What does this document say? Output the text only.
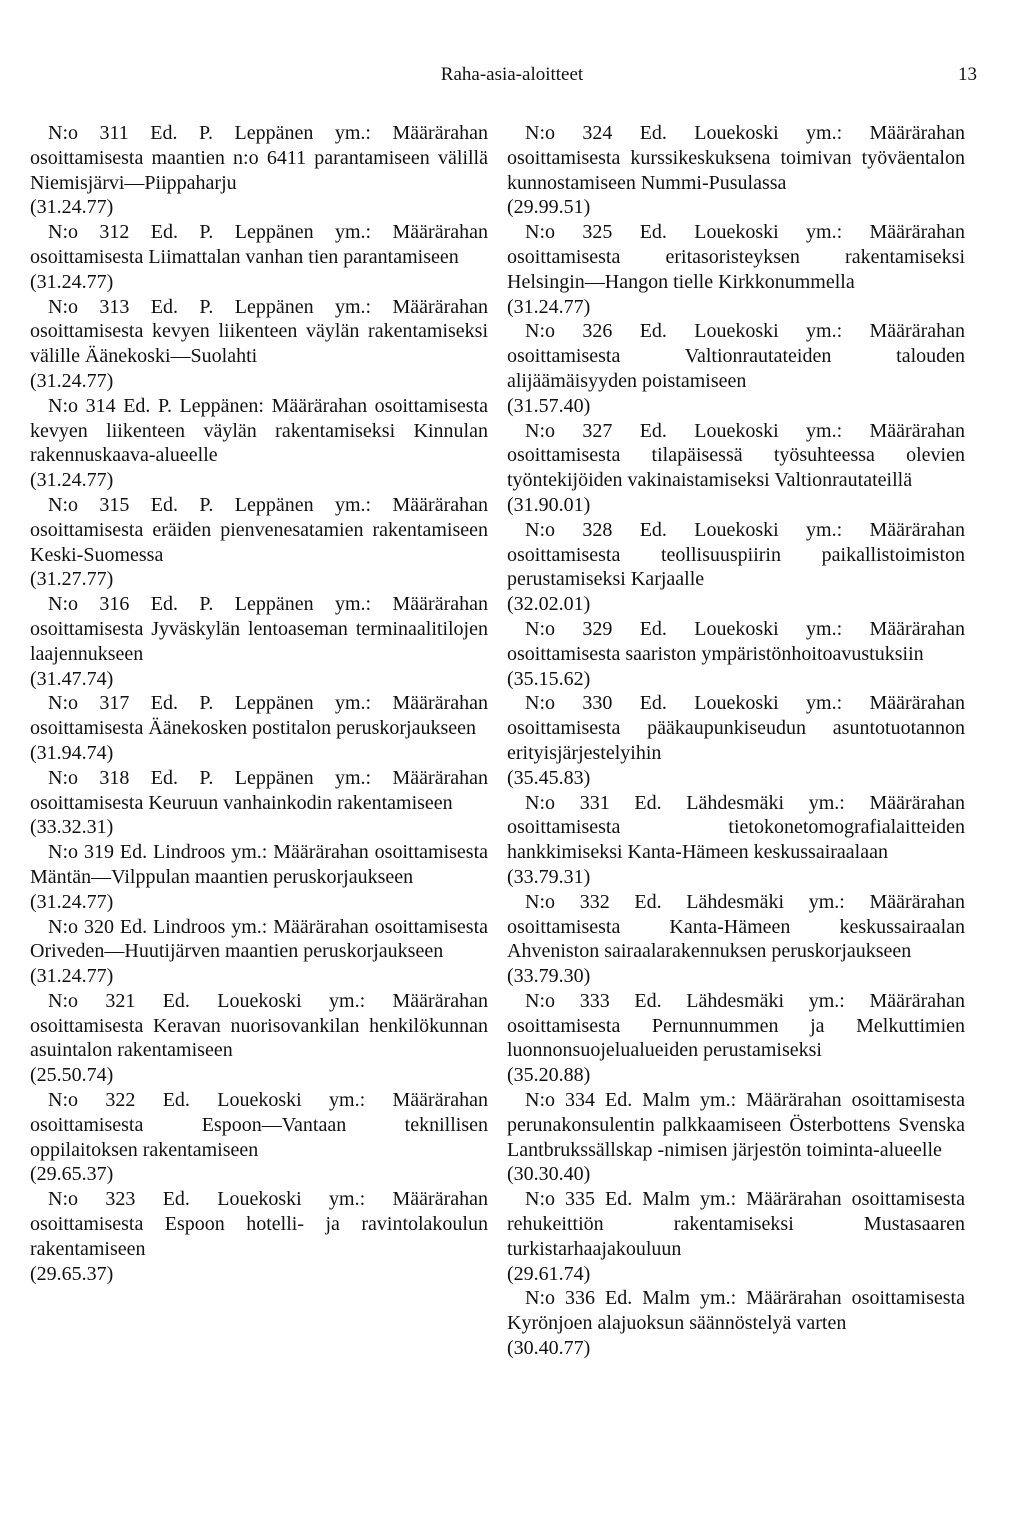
Raha-asia-aloitteet	13
N:o 311 Ed. P. Leppänen ym.: Määrärahan osoittamisesta maantien n:o 6411 parantamiseen välillä Niemisjärvi—Piippaharju
(31.24.77)
N:o 312 Ed. P. Leppänen ym.: Määrärahan osoittamisesta Liimattalan vanhan tien parantamiseen
(31.24.77)
N:o 313 Ed. P. Leppänen ym.: Määrärahan osoittamisesta kevyen liikenteen väylän rakentamiseksi välille Äänekoski—Suolahti
(31.24.77)
N:o 314 Ed. P. Leppänen: Määrärahan osoittamisesta kevyen liikenteen väylän rakentamiseksi Kinnulan rakennuskaava-alueelle
(31.24.77)
N:o 315 Ed. P. Leppänen ym.: Määrärahan osoittamisesta eräiden pienvenesatamien rakentamiseen Keski-Suomessa
(31.27.77)
N:o 316 Ed. P. Leppänen ym.: Määrärahan osoittamisesta Jyväskylän lentoaseman terminaalitilojen laajennukseen
(31.47.74)
N:o 317 Ed. P. Leppänen ym.: Määrärahan osoittamisesta Äänekosken postitalon peruskorjaukseen
(31.94.74)
N:o 318 Ed. P. Leppänen ym.: Määrärahan osoittamisesta Keuruun vanhainkodin rakentamiseen
(33.32.31)
N:o 319 Ed. Lindroos ym.: Määrärahan osoittamisesta Mäntän—Vilppulan maantien peruskorjaukseen
(31.24.77)
N:o 320 Ed. Lindroos ym.: Määrärahan osoittamisesta Oriveden—Huutijärven maantien peruskorjaukseen
(31.24.77)
N:o 321 Ed. Louekoski ym.: Määrärahan osoittamisesta Keravan nuorisovankilan henkilökunnan asuintalon rakentamiseen
(25.50.74)
N:o 322 Ed. Louekoski ym.: Määrärahan osoittamisesta Espoon—Vantaan teknillisen oppilaitoksen rakentamiseen
(29.65.37)
N:o 323 Ed. Louekoski ym.: Määrärahan osoittamisesta Espoon hotelli- ja ravintolakoulun rakentamiseen
(29.65.37)
N:o 324 Ed. Louekoski ym.: Määrärahan osoittamisesta kurssikeskuksena toimivan työväentalon kunnostamiseen Nummi-Pusulassa
(29.99.51)
N:o 325 Ed. Louekoski ym.: Määrärahan osoittamisesta eritasoristeyksen rakentamiseksi Helsingin—Hangon tielle Kirkkonummella
(31.24.77)
N:o 326 Ed. Louekoski ym.: Määrärahan osoittamisesta Valtionrautateiden talouden alijäämäisyyden poistamiseen
(31.57.40)
N:o 327 Ed. Louekoski ym.: Määrärahan osoittamisesta tilapäisessä työsuhteessa olevien työntekijöiden vakinaistamiseksi Valtionrautateillä
(31.90.01)
N:o 328 Ed. Louekoski ym.: Määrärahan osoittamisesta teollisuuspiirin paikallistoimiston perustamiseksi Karjaalle
(32.02.01)
N:o 329 Ed. Louekoski ym.: Määrärahan osoittamisesta saariston ympäristönhoitoavustuksiin
(35.15.62)
N:o 330 Ed. Louekoski ym.: Määrärahan osoittamisesta pääkaupunkiseudun asuntotuotannon erityisjärjestelyihin
(35.45.83)
N:o 331 Ed. Lähdesmäki ym.: Määrärahan osoittamisesta tietokonetomografialaitteiden hankkimiseksi Kanta-Hämeen keskussairaalaan
(33.79.31)
N:o 332 Ed. Lähdesmäki ym.: Määrärahan osoittamisesta Kanta-Hämeen keskussairaalan Ahveniston sairaalarakennuksen peruskorjaukseen
(33.79.30)
N:o 333 Ed. Lähdesmäki ym.: Määrärahan osoittamisesta Pernunnummen ja Melkuttimien luonnonsuojelualueiden perustamiseksi
(35.20.88)
N:o 334 Ed. Malm ym.: Määrärahan osoittamisesta perunakonsulentin palkkaamiseen Österbottens Svenska Lantbrukssällskap -nimisen järjestön toiminta-alueelle
(30.30.40)
N:o 335 Ed. Malm ym.: Määrärahan osoittamisesta rehukeittiön rakentamiseksi Mustasaaren turkistarhaajakouluun
(29.61.74)
N:o 336 Ed. Malm ym.: Määrärahan osoittamisesta Kyrönjoen alajuoksun säännöstelyä varten
(30.40.77)
